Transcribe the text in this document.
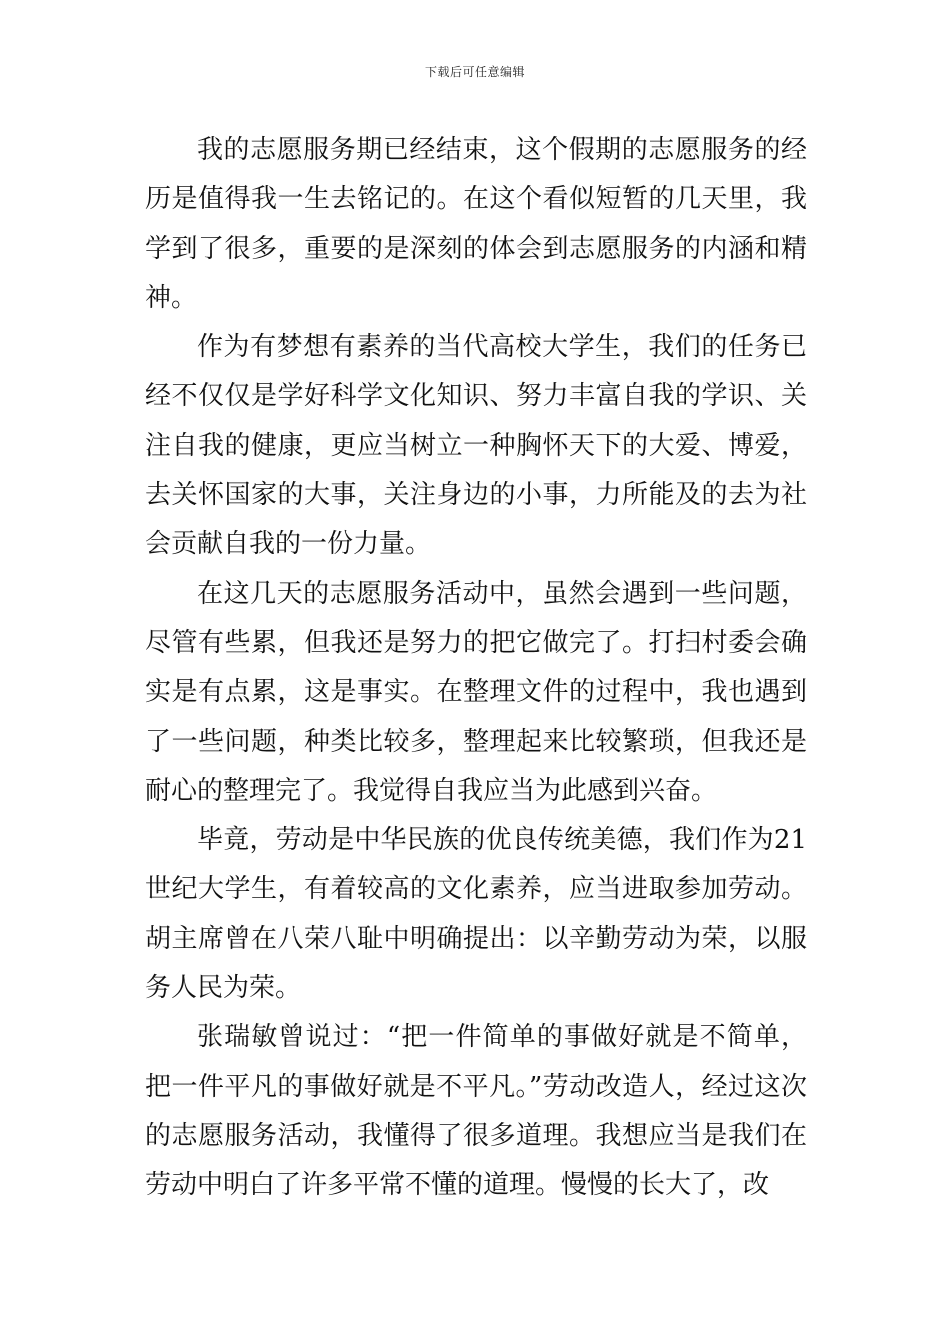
下载后可任意编辑

我的志愿服务期已经结束，这个假期的志愿服务的经历是值得我一生去铭记的。在这个看似短暂的几天里，我学到了很多，重要的是深刻的体会到志愿服务的内涵和精神。

作为有梦想有素养的当代高校大学生，我们的任务已经不仅仅是学好科学文化知识、努力丰富自我的学识、关注自我的健康，更应当树立一种胸怀天下的大爱、博爱，去关怀国家的大事，关注身边的小事，力所能及的去为社会贡献自我的一份力量。

在这几天的志愿服务活动中，虽然会遇到一些问题，尽管有些累，但我还是努力的把它做完了。打扫村委会确实是有点累，这是事实。在整理文件的过程中，我也遇到了一些问题，种类比较多，整理起来比较繁琐，但我还是耐心的整理完了。我觉得自我应当为此感到兴奋。

毕竟，劳动是中华民族的优良传统美德，我们作为21世纪大学生，有着较高的文化素养，应当进取参加劳动。胡主席曾在八荣八耻中明确提出：以辛勤劳动为荣，以服务人民为荣。

张瑞敏曾说过：“把一件简单的事做好就是不简单，把一件平凡的事做好就是不平凡。”劳动改造人，经过这次的志愿服务活动，我懂得了很多道理。我想应当是我们在劳动中明白了许多平常不懂的道理。慢慢的长大了，改
